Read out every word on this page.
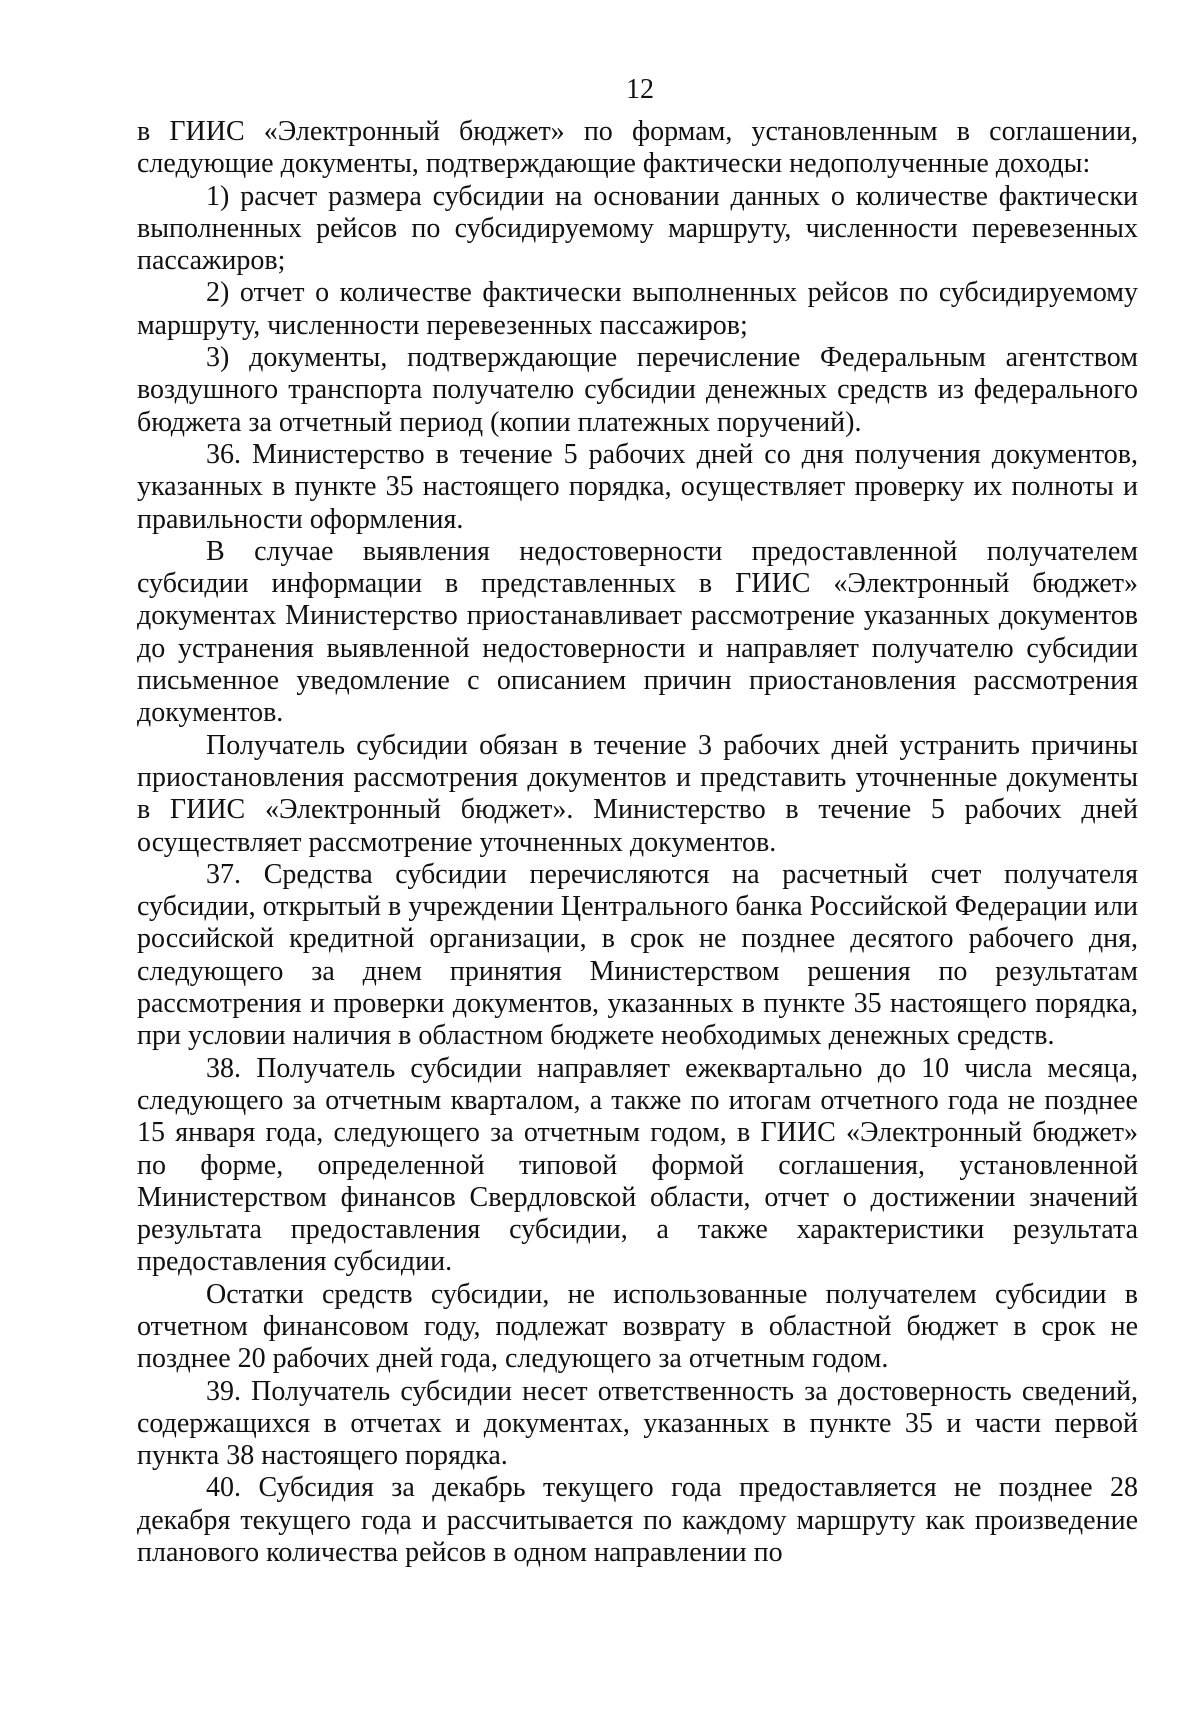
12

в ГИИС «Электронный бюджет» по формам, установленным в соглашении, следующие документы, подтверждающие фактически недополученные доходы:

1) расчет размера субсидии на основании данных о количестве фактически выполненных рейсов по субсидируемому маршруту, численности перевезенных пассажиров;

2) отчет о количестве фактически выполненных рейсов по субсидируемому маршруту, численности перевезенных пассажиров;

3) документы, подтверждающие перечисление Федеральным агентством воздушного транспорта получателю субсидии денежных средств из федерального бюджета за отчетный период (копии платежных поручений).

36. Министерство в течение 5 рабочих дней со дня получения документов, указанных в пункте 35 настоящего порядка, осуществляет проверку их полноты и правильности оформления.

В случае выявления недостоверности предоставленной получателем субсидии информации в представленных в ГИИС «Электронный бюджет» документах Министерство приостанавливает рассмотрение указанных документов до устранения выявленной недостоверности и направляет получателю субсидии письменное уведомление с описанием причин приостановления рассмотрения документов.

Получатель субсидии обязан в течение 3 рабочих дней устранить причины приостановления рассмотрения документов и представить уточненные документы в ГИИС «Электронный бюджет». Министерство в течение 5 рабочих дней осуществляет рассмотрение уточненных документов.

37. Средства субсидии перечисляются на расчетный счет получателя субсидии, открытый в учреждении Центрального банка Российской Федерации или российской кредитной организации, в срок не позднее десятого рабочего дня, следующего за днем принятия Министерством решения по результатам рассмотрения и проверки документов, указанных в пункте 35 настоящего порядка, при условии наличия в областном бюджете необходимых денежных средств.

38. Получатель субсидии направляет ежеквартально до 10 числа месяца, следующего за отчетным кварталом, а также по итогам отчетного года не позднее 15 января года, следующего за отчетным годом, в ГИИС «Электронный бюджет» по форме, определенной типовой формой соглашения, установленной Министерством финансов Свердловской области, отчет о достижении значений результата предоставления субсидии, а также характеристики результата предоставления субсидии.

Остатки средств субсидии, не использованные получателем субсидии в отчетном финансовом году, подлежат возврату в областной бюджет в срок не позднее 20 рабочих дней года, следующего за отчетным годом.

39. Получатель субсидии несет ответственность за достоверность сведений, содержащихся в отчетах и документах, указанных в пункте 35 и части первой пункта 38 настоящего порядка.

40. Субсидия за декабрь текущего года предоставляется не позднее 28 декабря текущего года и рассчитывается по каждому маршруту как произведение планового количества рейсов в одном направлении по
